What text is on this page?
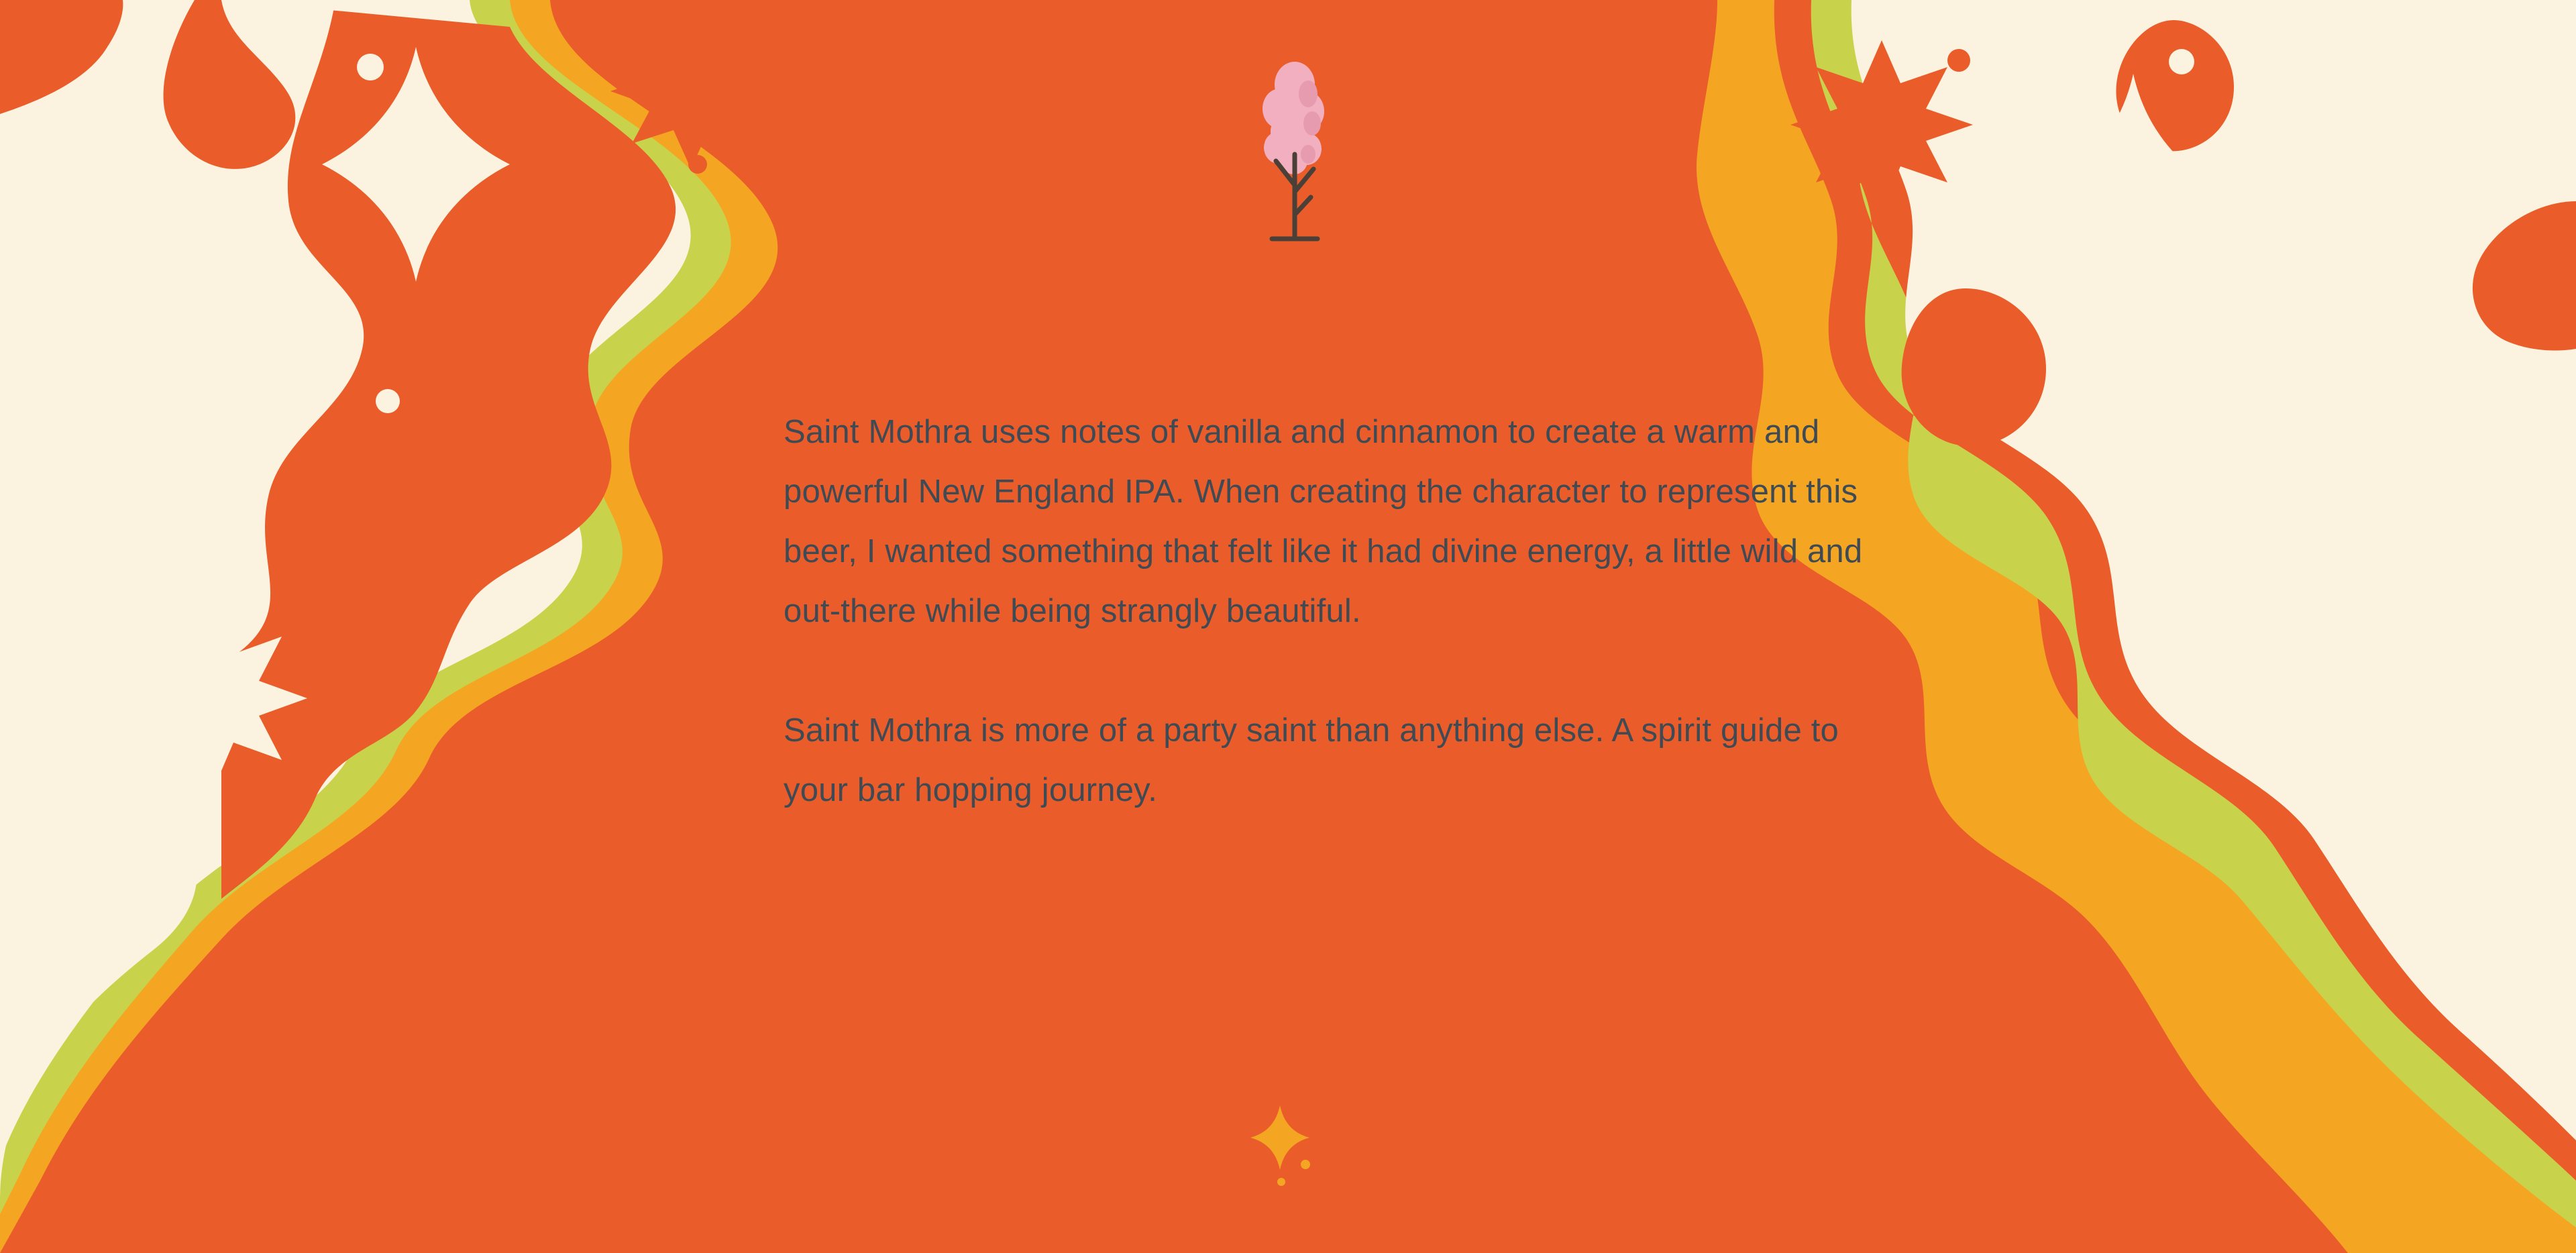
Saint Mothra uses notes of vanilla and cinnamon to create a warm and powerful New England IPA. When creating the character to represent this beer, I wanted something that felt like it had divine energy, a little wild and out-there while being strangly beautiful.

Saint Mothra is more of a party saint than anything else. A spirit guide to your bar hopping journey.
